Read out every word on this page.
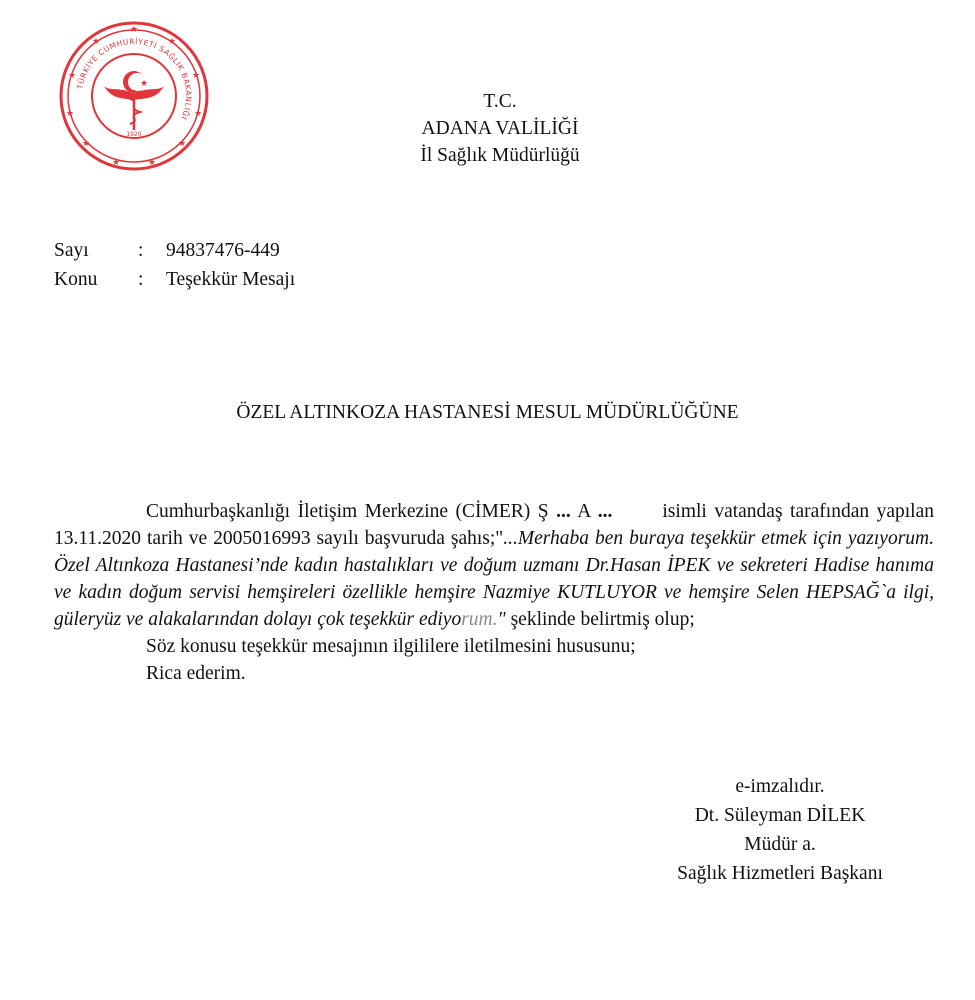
★
★	★
★	★
★	★
★	★
★	★
TÜRKİYE CUMHURİYETİ SAĞLIK BAKANLIĞI
★
1920
T.C.
ADANA VALİLİĞİ
İl Sağlık Müdürlüğü
Sayı	:	94837476-449
Konu	:	Teşekkür Mesajı
ÖZEL ALTINKOZA HASTANESİ MESUL MÜDÜRLÜĞÜNE
Cumhurbaşkanlığı İletişim Merkezine (CİMER) Ş ... A ...	isimli vatandaş tarafından yapılan 13.11.2020 tarih ve 2005016993 sayılı başvuruda şahıs;"...Merhaba ben buraya teşekkür etmek için yazıyorum. Özel Altınkoza Hastanesi’nde kadın hastalıkları ve doğum uzmanı Dr.Hasan İPEK ve sekreteri Hadise hanıma ve kadın doğum servisi hemşireleri özellikle hemşire Nazmiye KUTLUYOR ve hemşire Selen HEPSAĞ`a ilgi, güleryüz ve alakalarından dolayı çok teşekkür ediyorum." şeklinde belirtmiş olup;
Söz konusu teşekkür mesajının ilgililere iletilmesini hususunu;
Rica ederim.
e-imzalıdır.
Dt. Süleyman DİLEK
Müdür a.
Sağlık Hizmetleri Başkanı
